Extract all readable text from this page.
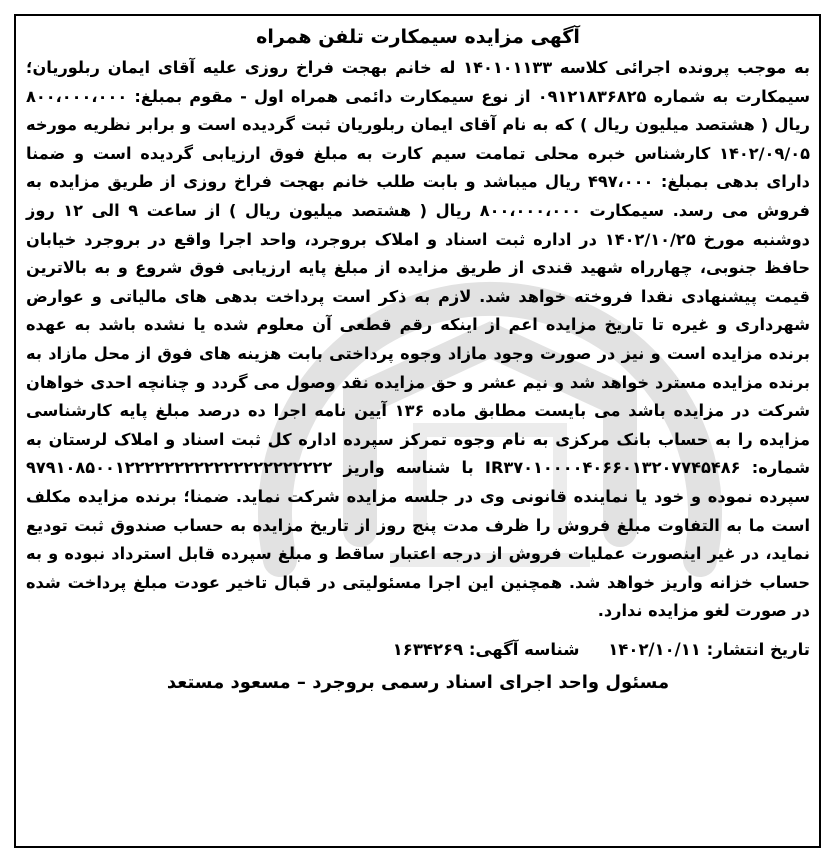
آگهی مزایده سیمکارت تلفن همراه

به موجب پرونده اجرائی کلاسه ۱۴۰۱۰۱۱۳۳ له خانم بهجت فراخ روزی علیه آقای ایمان ربلوریان؛ سیمکارت به شماره ۰۹۱۲۱۸۳۶۸۲۵ از نوع سیمکارت دائمی همراه اول - مقوم بمبلغ: ۸۰۰،۰۰۰،۰۰۰ ریال ( هشتصد میلیون ریال ) که به نام آقای ایمان ربلوریان ثبت گردیده است و برابر نظریه مورخه ۱۴۰۲/۰۹/۰۵ کارشناس خبره محلی تمامت سیم کارت به مبلغ فوق ارزیابی گردیده است و ضمنا دارای بدهی بمبلغ: ۴۹۷،۰۰۰ ریال میباشد و بابت طلب خانم بهجت فراخ روزی از طریق مزایده به فروش می رسد. سیمکارت ۸۰۰،۰۰۰،۰۰۰ ریال ( هشتصد میلیون ریال ) از ساعت ۹ الی ۱۲ روز دوشنبه مورخ ۱۴۰۲/۱۰/۲۵ در اداره ثبت اسناد و املاک بروجرد، واحد اجرا واقع در بروجرد خیابان حافظ جنوبی، چهارراه شهید قندی از طریق مزایده از مبلغ پایه ارزیابی فوق شروع و به بالاترین قیمت پیشنهادی نقدا فروخته خواهد شد. لازم به ذکر است پرداخت بدهی های مالیاتی و عوارض شهرداری و غیره تا تاریخ مزایده اعم از اینکه رقم قطعی آن معلوم شده یا نشده باشد به عهده برنده مزایده است و نیز در صورت وجود مازاد وجوه پرداختی بابت هزینه های فوق از محل مازاد به برنده مزایده مسترد خواهد شد و نیم عشر و حق مزایده نقد وصول می گردد و چنانچه احدی خواهان شرکت در مزایده باشد می بایست مطابق ماده ۱۳۶ آیین نامه اجرا ده درصد مبلغ پایه کارشناسی مزایده را به حساب بانک مرکزی به نام وجوه تمرکز سپرده اداره کل ثبت اسناد و املاک لرستان به شماره: IR۳۷۰۱۰۰۰۰۴۰۶۶۰۱۳۲۰۷۷۴۵۴۸۶ با شناسه واریز ۹۷۹۱۰۸۵۰۰۱۲۲۲۲۲۲۲۲۲۲۲۲۲۲۲۲۲۲۲۲۲ سپرده نموده و خود یا نماینده قانونی وی در جلسه مزایده شرکت نماید. ضمنا؛ برنده مزایده مکلف است ما به التفاوت مبلغ فروش را ظرف مدت پنج روز از تاریخ مزایده به حساب صندوق ثبت تودیع نماید، در غیر اینصورت عملیات فروش از درجه اعتبار ساقط و مبلغ سپرده قابل استرداد نبوده و به حساب خزانه واریز خواهد شد. همچنین این اجرا مسئولیتی در قبال تاخیر عودت مبلغ پرداخت شده در صورت لغو مزایده ندارد.

تاریخ انتشار: ۱۴۰۲/۱۰/۱۱     شناسه آگهی: ۱۶۳۴۲۶۹
مسئول واحد اجرای اسناد رسمی بروجرد – مسعود مستعد
